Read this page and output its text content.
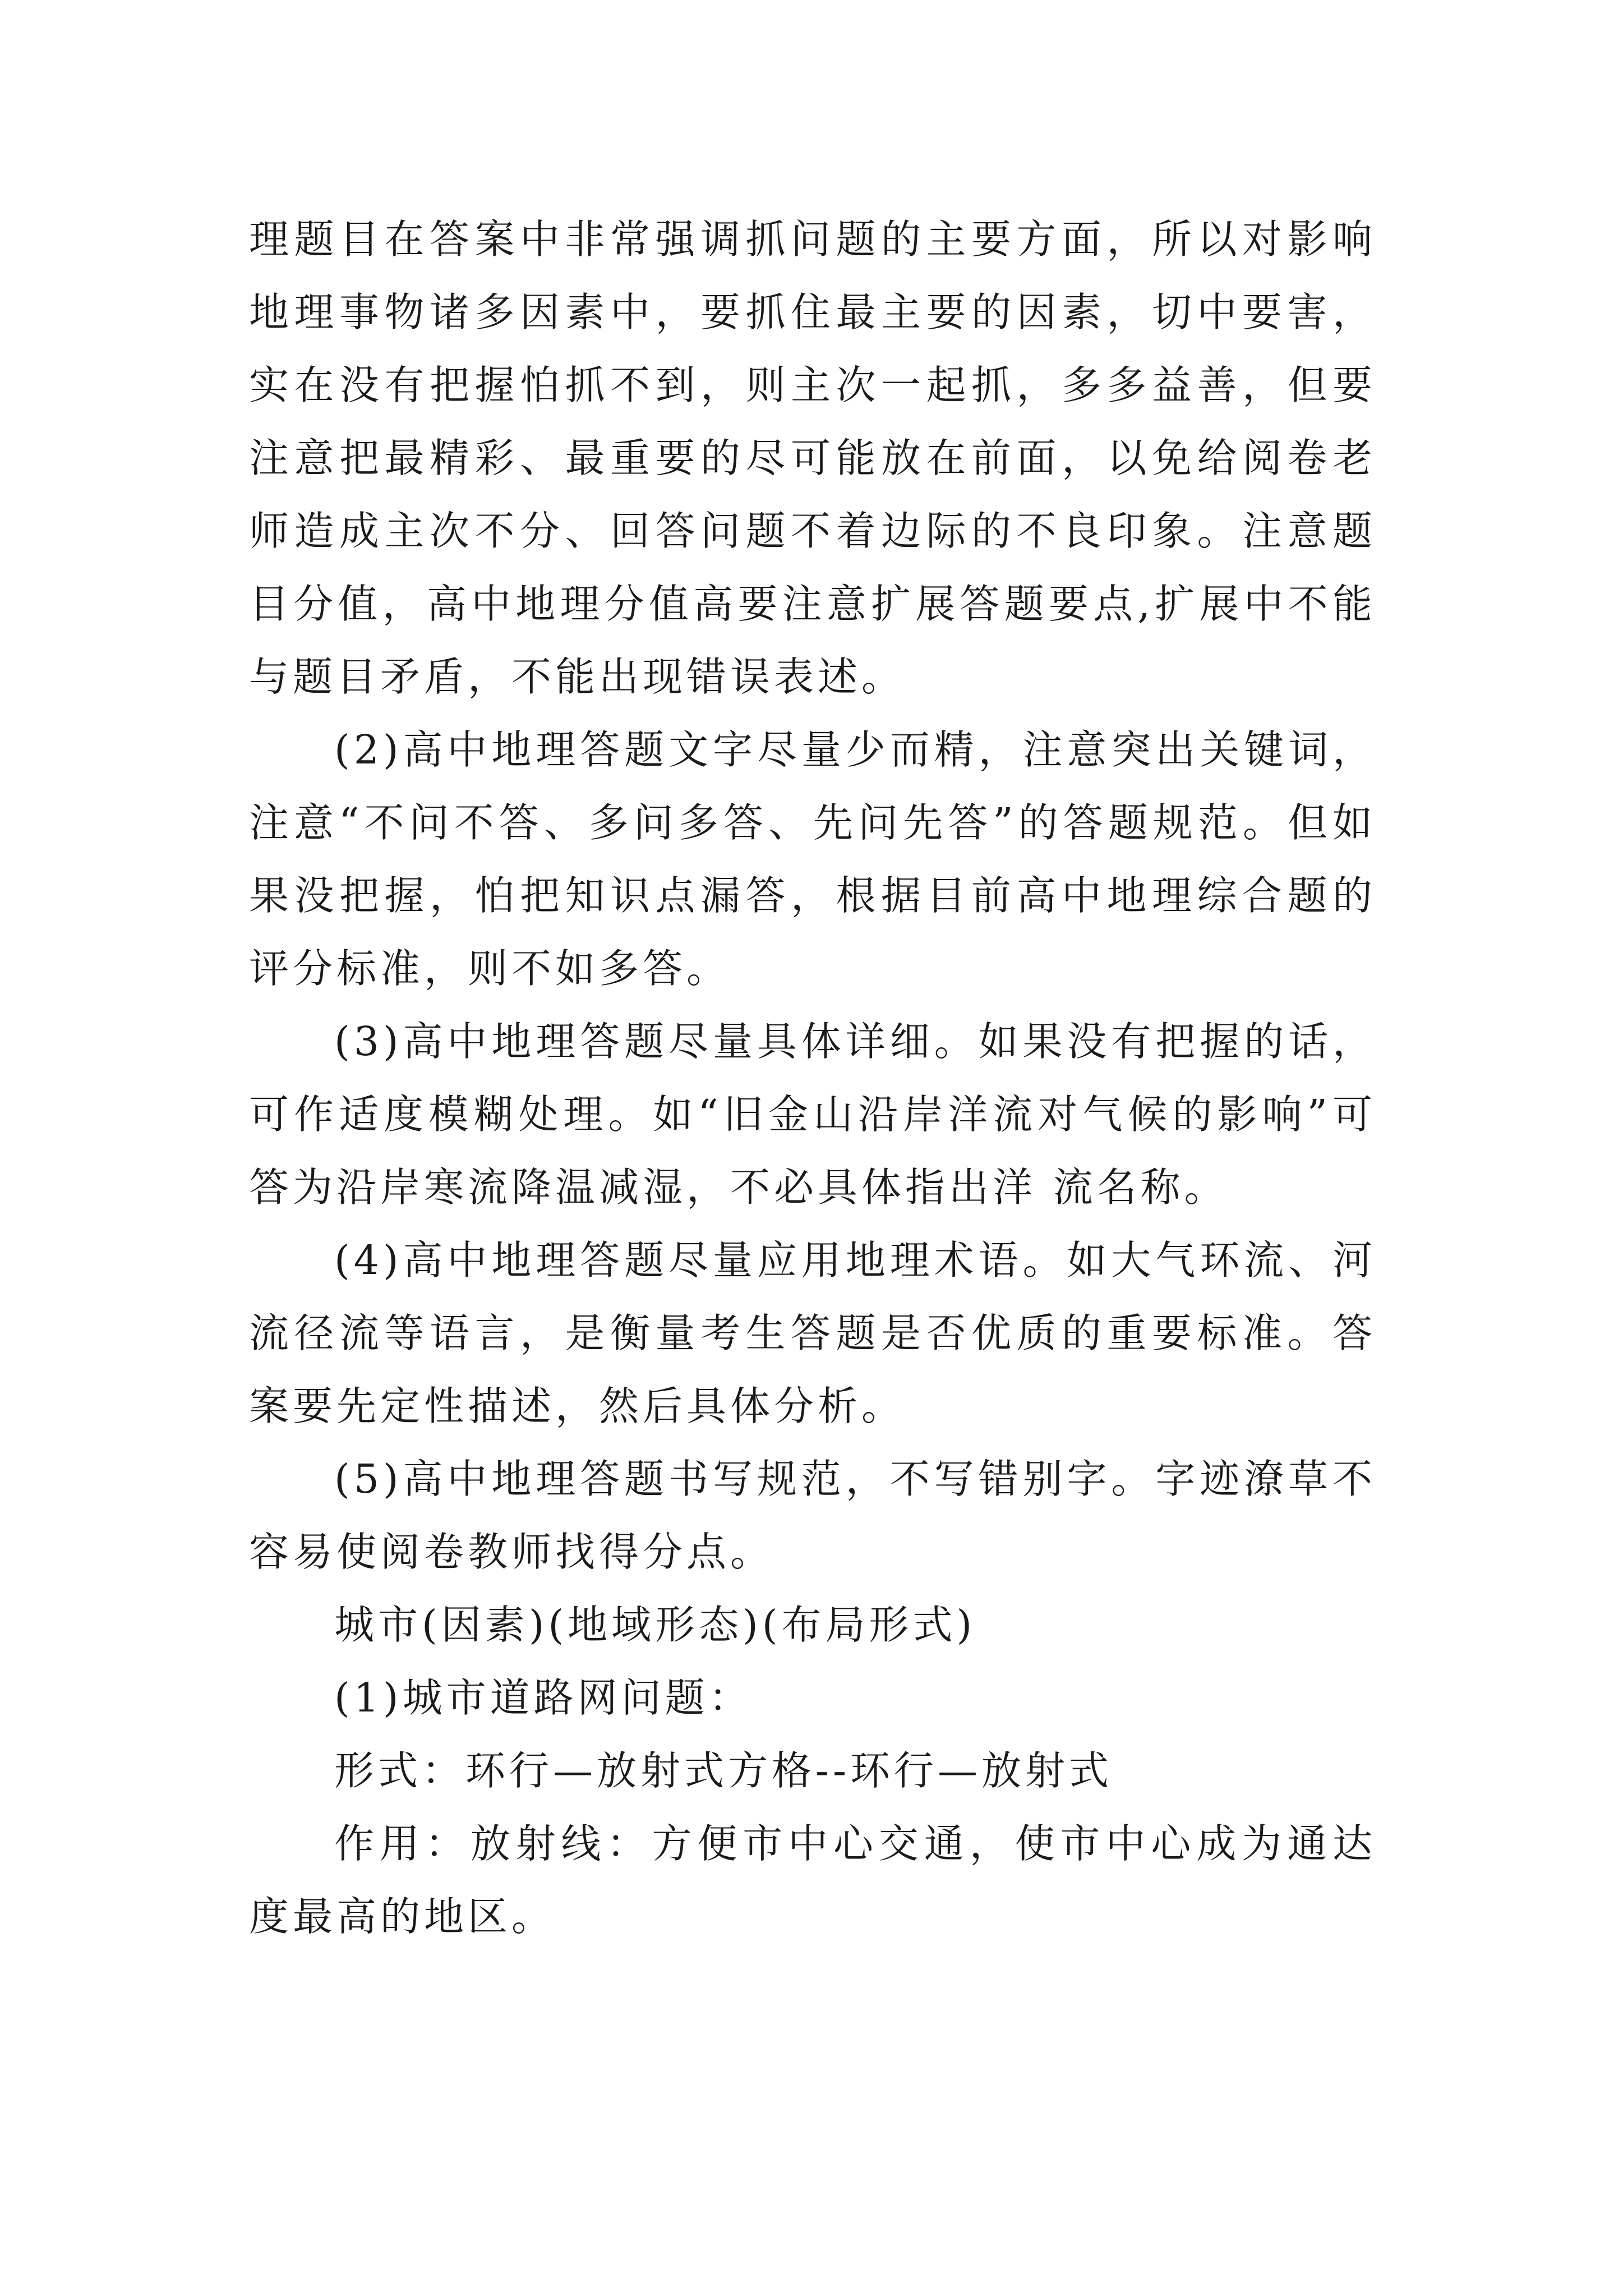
理题目在答案中非常强调抓问题的主要方面，所以对影响地理事物诸多因素中，要抓住最主要的因素，切中要害，实在没有把握怕抓不到，则主次一起抓，多多益善，但要注意把最精彩、最重要的尽可能放在前面，以免给阅卷老师造成主次不分、回答问题不着边际的不良印象。注意题目分值，高中地理分值高要注意扩展答题要点,扩展中不能与题目矛盾，不能出现错误表述。

(2)高中地理答题文字尽量少而精，注意突出关键词，注意“不问不答、多问多答、先问先答”的答题规范。但如果没把握，怕把知识点漏答，根据目前高中地理综合题的评分标准，则不如多答。

(3)高中地理答题尽量具体详细。如果没有把握的话，可作适度模糊处理。如“旧金山沿岸洋流对气候的影响”可答为沿岸寒流降温减湿，不必具体指出洋 流名称。

(4)高中地理答题尽量应用地理术语。如大气环流、河流径流等语言，是衡量考生答题是否优质的重要标准。答案要先定性描述，然后具体分析。

(5)高中地理答题书写规范，不写错别字。字迹潦草不容易使阅卷教师找得分点。

城市(因素)(地域形态)(布局形式)

(1)城市道路网问题：

形式：环行—放射式方格--环行—放射式

作用：放射线：方便市中心交通，使市中心成为通达度最高的地区。
